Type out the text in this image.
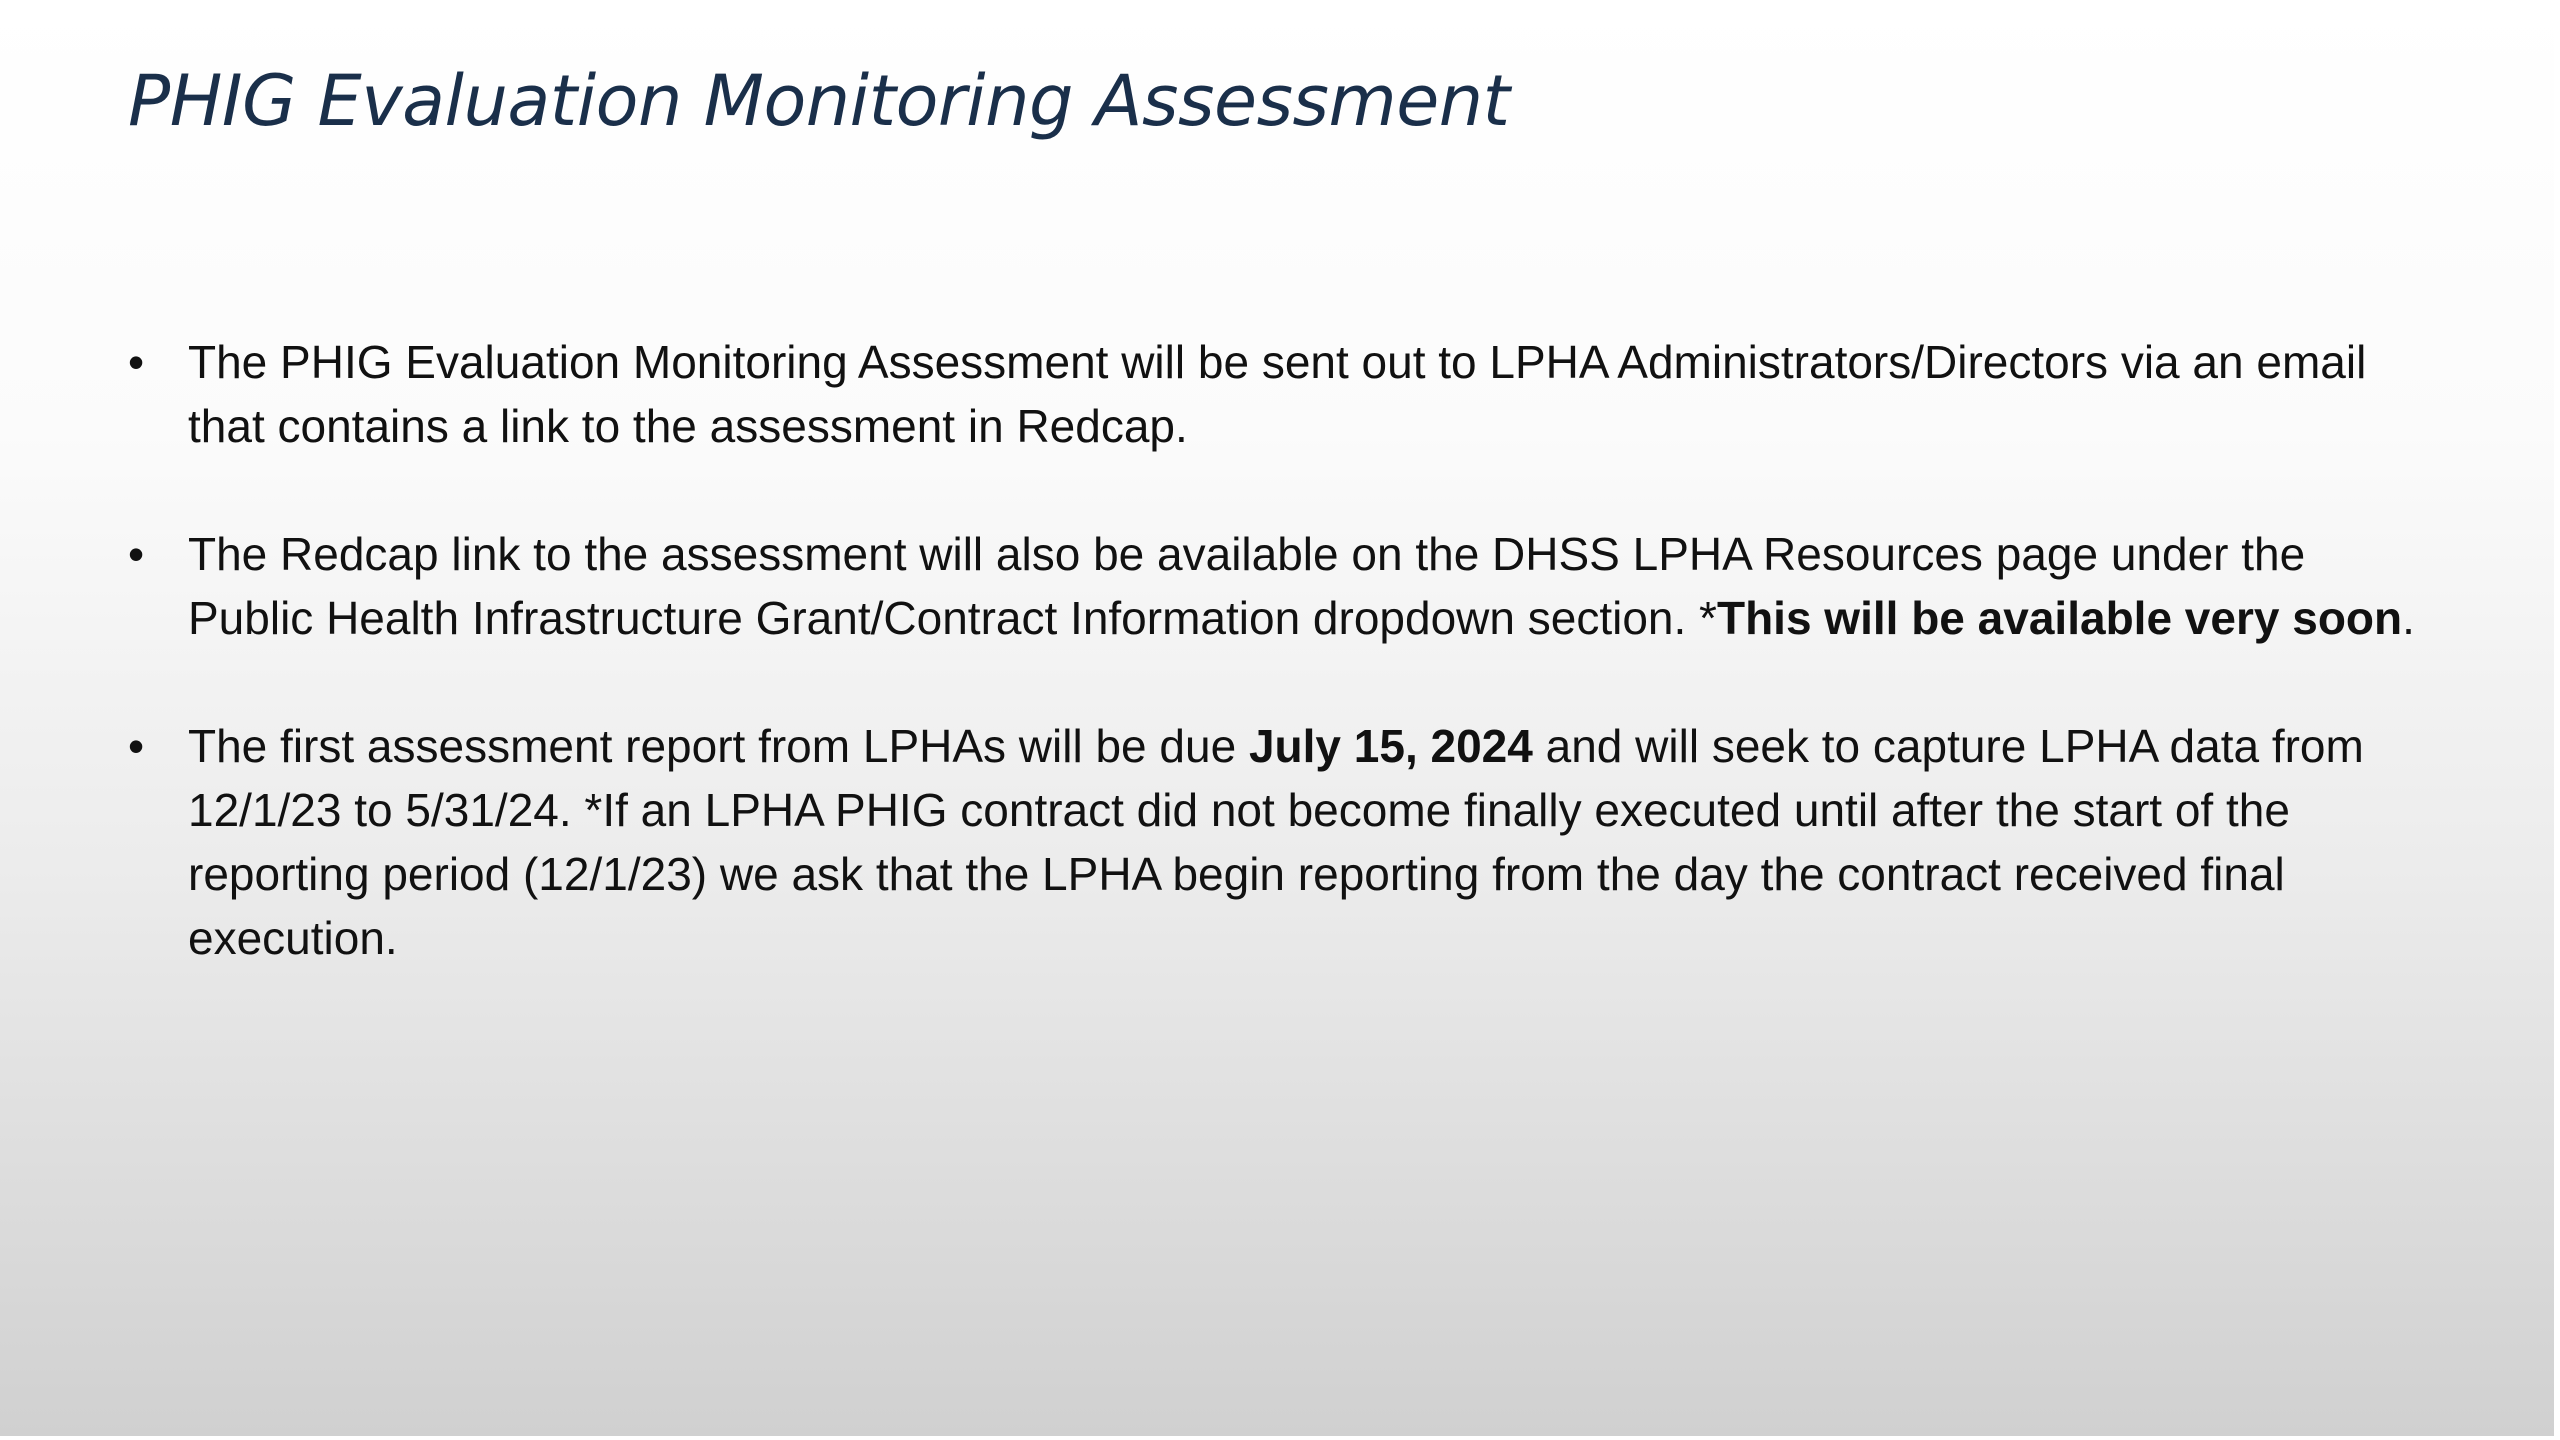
PHIG Evaluation Monitoring Assessment
• The PHIG Evaluation Monitoring Assessment will be sent out to LPHA Administrators/Directors via an email that contains a link to the assessment in Redcap.
• The Redcap link to the assessment will also be available on the DHSS LPHA Resources page under the Public Health Infrastructure Grant/Contract Information dropdown section. *This will be available very soon.
• The first assessment report from LPHAs will be due July 15, 2024 and will seek to capture LPHA data from 12/1/23 to 5/31/24. *If an LPHA PHIG contract did not become finally executed until after the start of the reporting period (12/1/23) we ask that the LPHA begin reporting from the day the contract received final execution.
